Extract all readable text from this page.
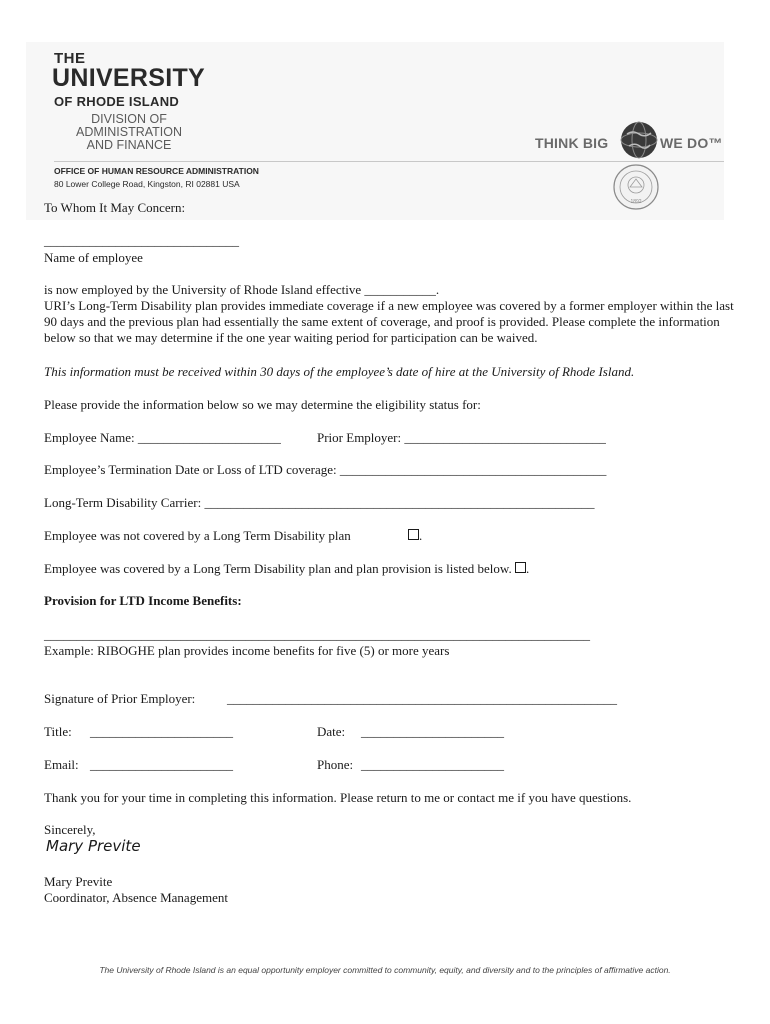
THE
UNIVERSITY
OF RHODE ISLAND
DIVISION OF
ADMINISTRATION
AND FINANCE
OFFICE OF HUMAN RESOURCE ADMINISTRATION
80 Lower College Road, Kingston, RI 02881 USA
THINK BIG	WE DO™
1892
To Whom It May Concern:
______________________________
Name of employee
is now employed by the University of Rhode Island effective ___________.
URI’s Long-Term Disability plan provides immediate coverage if a new employee was covered by a former employer within the last 90 days and the previous plan had essentially the same extent of coverage, and proof is provided. Please complete the information below so that we may determine if the one year waiting period for participation can be waived.
This information must be received within 30 days of the employee’s date of hire at the University of Rhode Island.
Please provide the information below so we may determine the eligibility status for:
Employee Name: ______________________	Prior Employer: _______________________________
Employee’s Termination Date or Loss of LTD coverage: _________________________________________
Long-Term Disability Carrier: ____________________________________________________________
Employee was not covered by a Long Term Disability plan	.
Employee was covered by a Long Term Disability plan and plan provision is listed below. .
Provision for LTD Income Benefits:
____________________________________________________________________________________
Example: RIBOGHE plan provides income benefits for five (5) or more years
Signature of Prior Employer: ____________________________________________________________
Title: ______________________	Date: ______________________
Email: ______________________	Phone: ______________________
Thank you for your time in completing this information. Please return to me or contact me if you have questions.
Sincerely,
Mary Previte
Mary Previte
Coordinator, Absence Management
The University of Rhode Island is an equal opportunity employer committed to community, equity, and diversity and to the principles of affirmative action.
